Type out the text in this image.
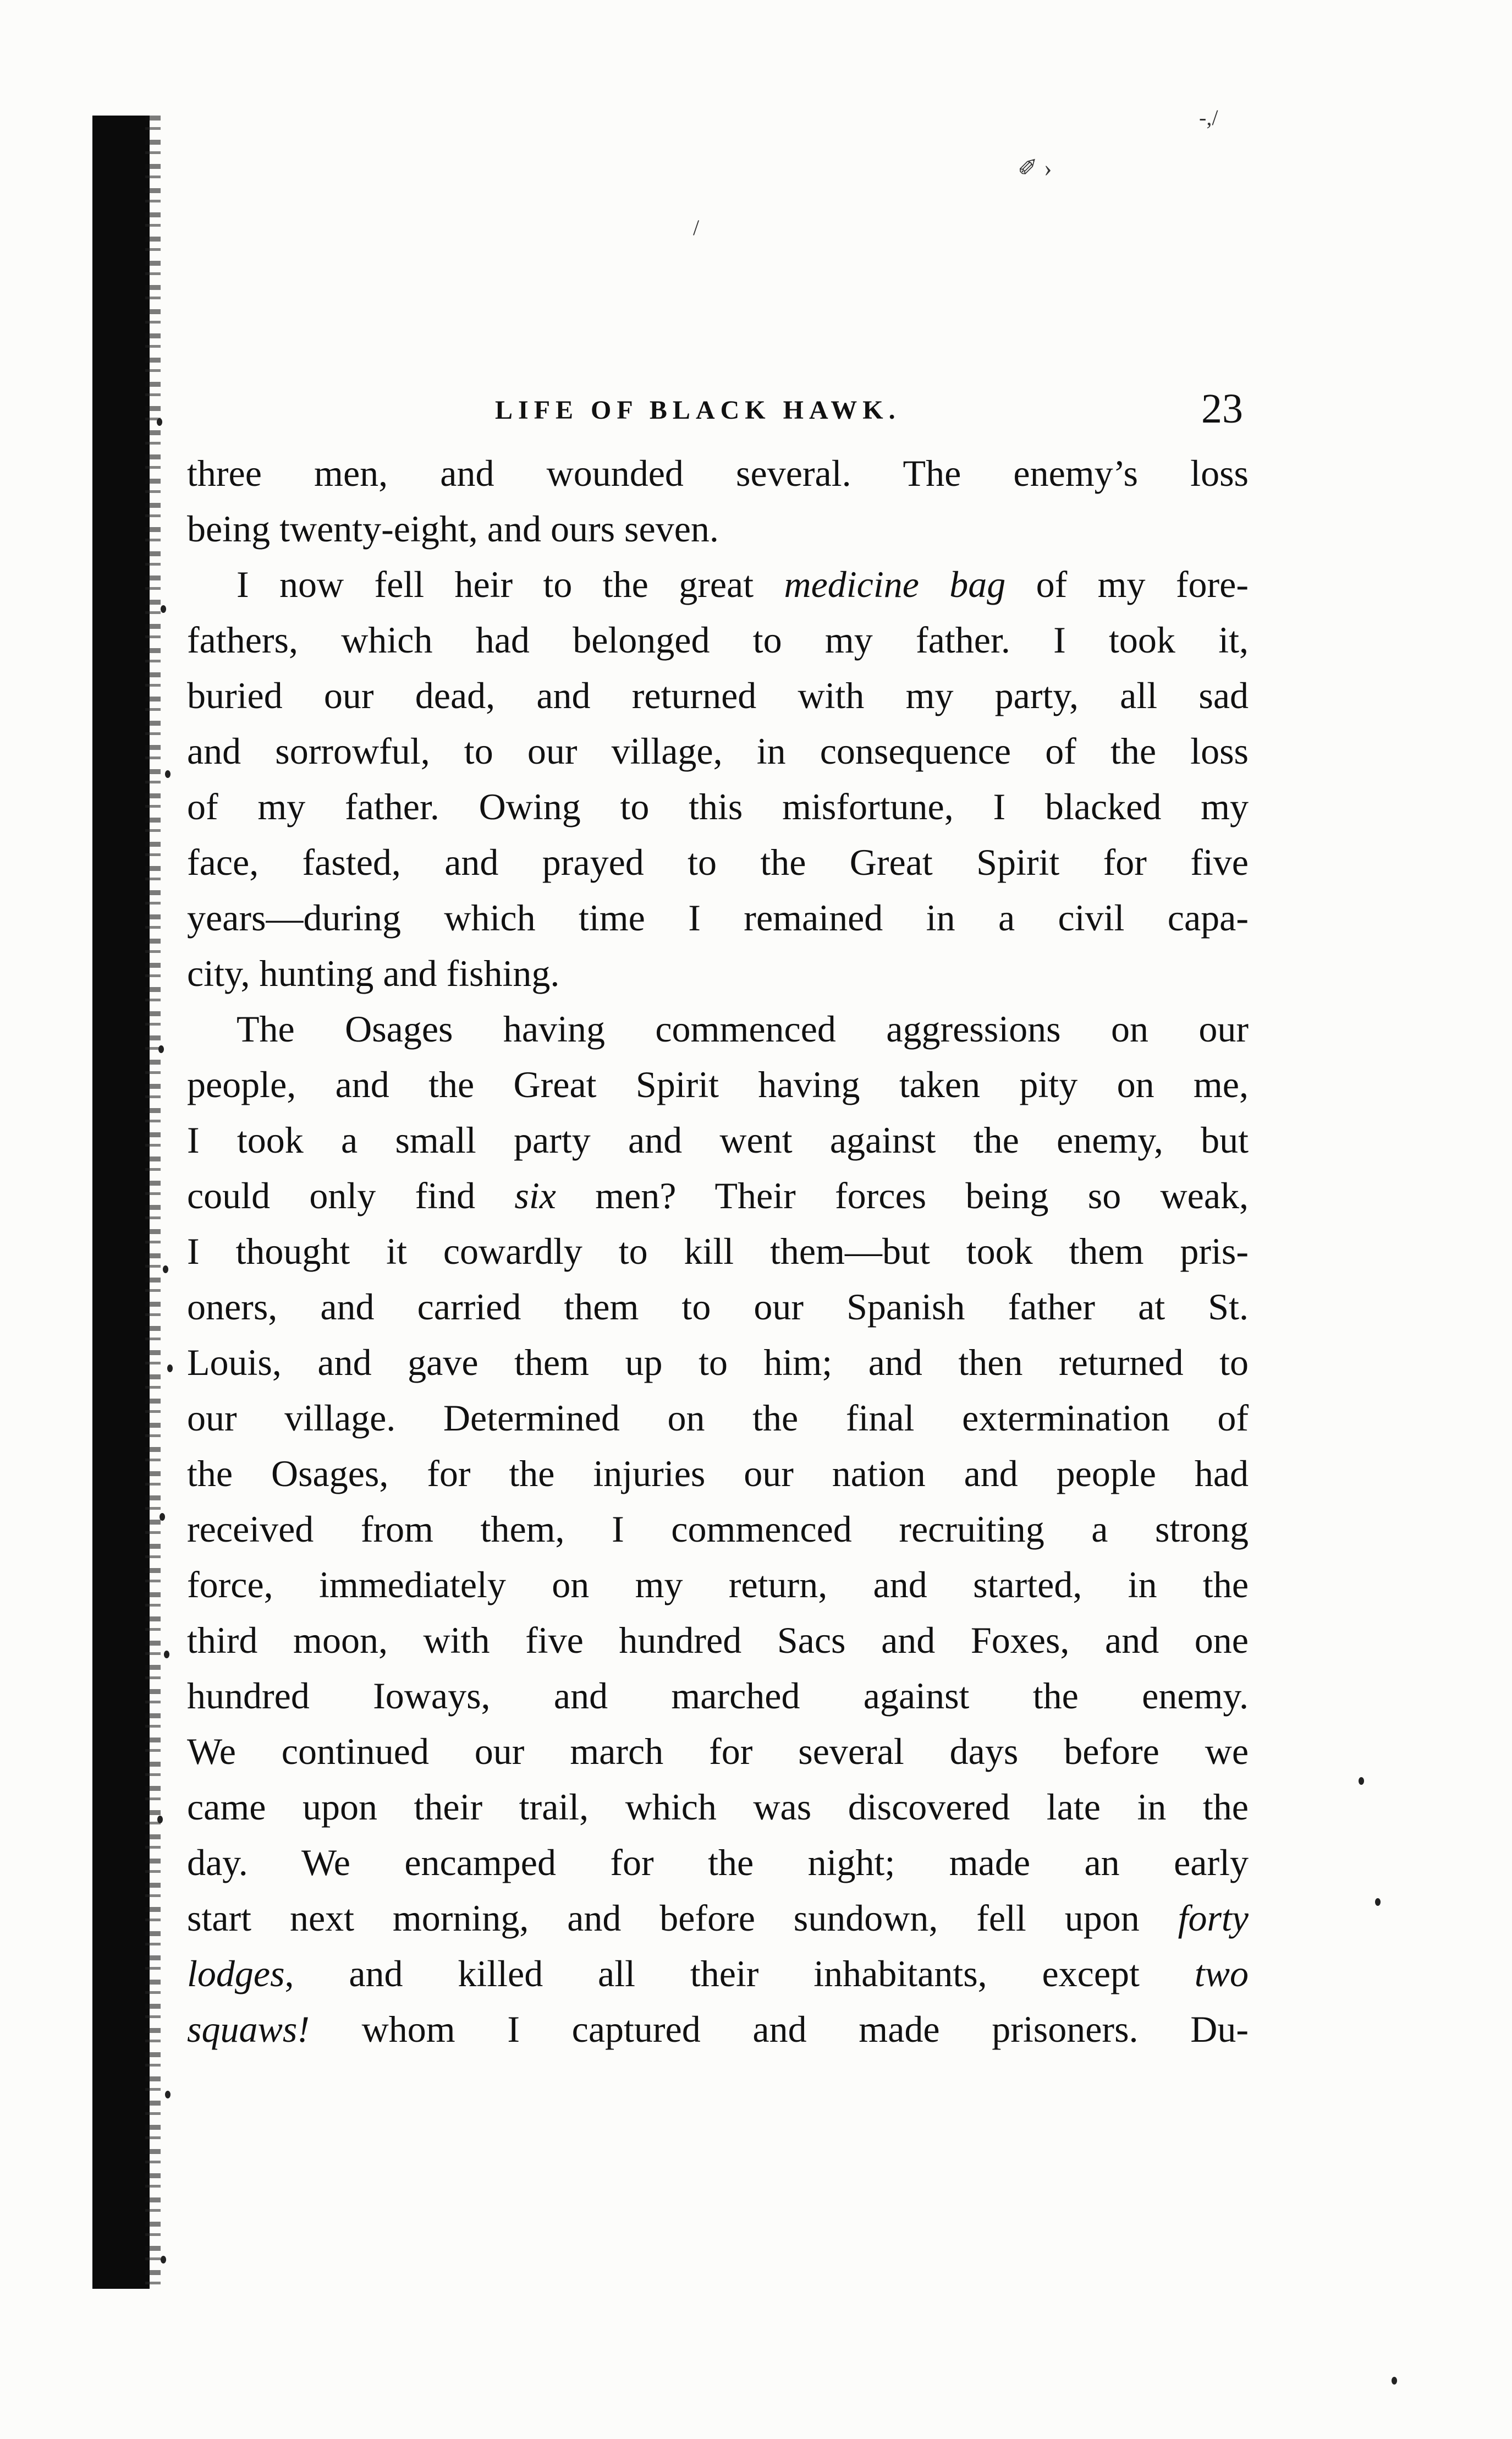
-,/
✐ ›
/
LIFE OF BLACK HAWK.	23
three men, and wounded several. The enemy’s loss
being twenty-eight, and ours seven.
I now fell heir to the great medicine bag of my fore-
fathers, which had belonged to my father. I took it,
buried our dead, and returned with my party, all sad
and sorrowful, to our village, in consequence of the loss
of my father. Owing to this misfortune, I blacked my
face, fasted, and prayed to the Great Spirit for five
years—during which time I remained in a civil capa-
city, hunting and fishing.
The Osages having commenced aggressions on our
people, and the Great Spirit having taken pity on me,
I took a small party and went against the enemy, but
could only find six men? Their forces being so weak,
I thought it cowardly to kill them—but took them pris-
oners, and carried them to our Spanish father at St.
Louis, and gave them up to him; and then returned to
our village. Determined on the final extermination of
the Osages, for the injuries our nation and people had
received from them, I commenced recruiting a strong
force, immediately on my return, and started, in the
third moon, with five hundred Sacs and Foxes, and one
hundred Ioways, and marched against the enemy.
We continued our march for several days before we
came upon their trail, which was discovered late in the
day. We encamped for the night; made an early
start next morning, and before sundown, fell upon forty
lodges, and killed all their inhabitants, except two
squaws! whom I captured and made prisoners. Du-
